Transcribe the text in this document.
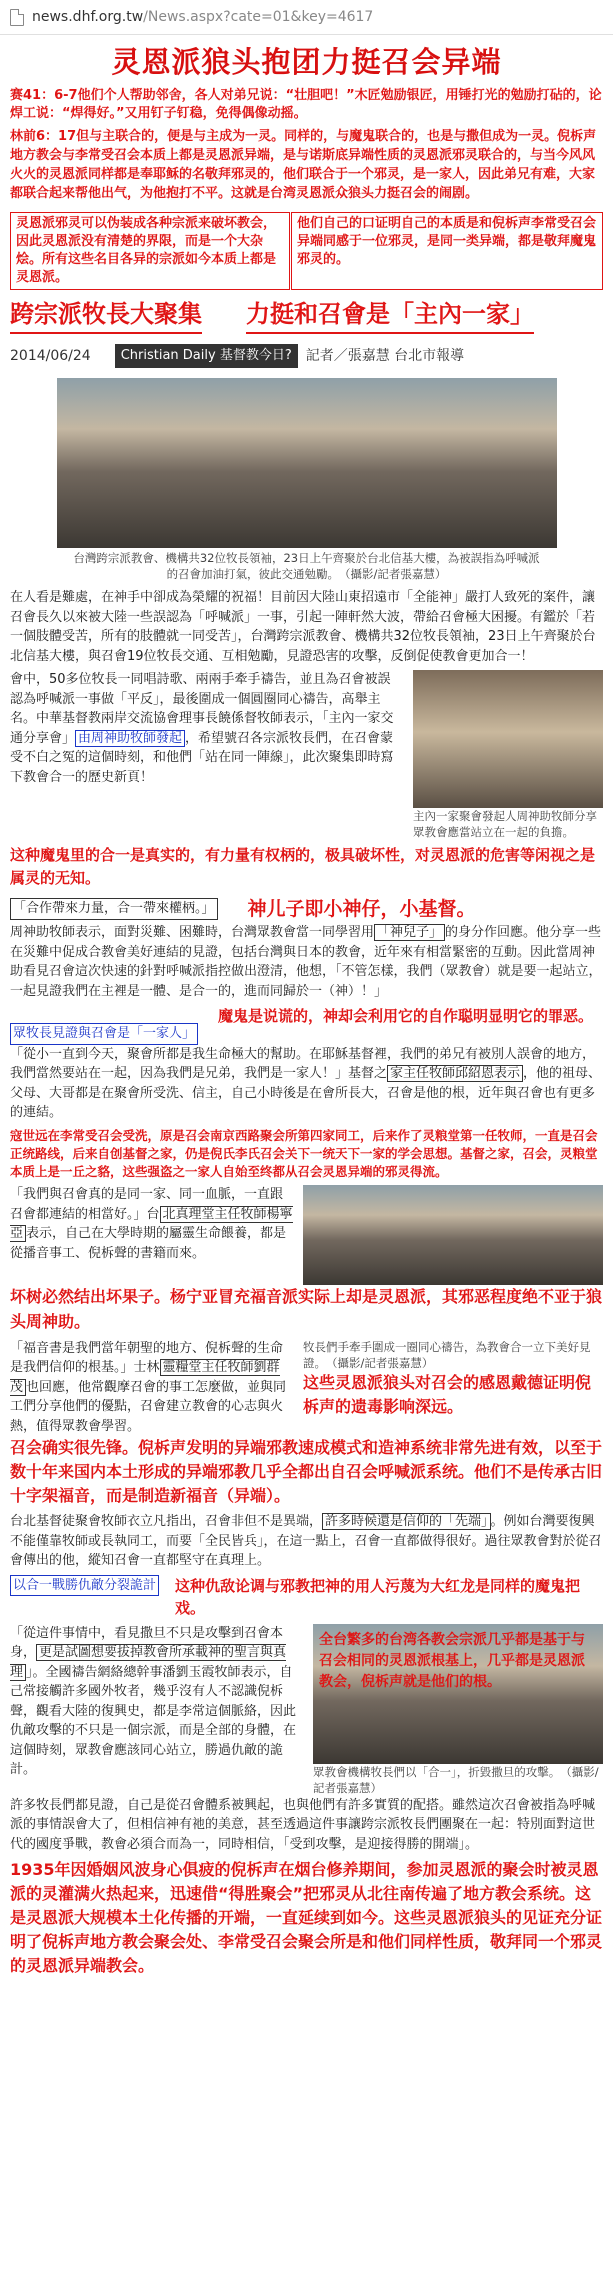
news.dhf.org.tw /News.aspx?cate=01&key=4617
灵恩派狼头抱团力挺召会异端
赛41：6-7他们个人帮助邻舍，各人对弟兄说：“壮胆吧！”木匠勉励银匠，用锤打光的勉励打砧的，论焊工说：“焊得好。”又用钉子钉稳，免得偶像动摇。
林前6：17但与主联合的，便是与主成为一灵。同样的，与魔鬼联合的，也是与撒但成为一灵。倪柝声地方教会与李常受召会本质上都是灵恩派异端，是与诺斯底异端性质的灵恩派邪灵联合的，与当今风风火火的灵恩派同样都是奉耶稣的名敬拜邪灵的，他们联合于一个邪灵，是一家人，因此弟兄有难，大家都联合起来帮他出气，为他抱打不平。这就是台湾灵恩派众狼头力挺召会的闹剧。
灵恩派邪灵可以伪装成各种宗派来破坏教会，因此灵恩派没有清楚的界限，而是一个大杂烩。所有这些名目各异的宗派如今本质上都是灵恩派。
他们自己的口证明自己的本质是和倪柝声李常受召会异端同感于一位邪灵，是同一类异端，都是敬拜魔鬼邪灵的。
跨宗派牧長大聚集 力挺和召會是「主內一家」
2014/06/24	Christian Daily 基督教今日?	記者／張嘉慧 台北市報導
台灣跨宗派教會、機構共32位牧長領袖，23日上午齊聚於台北信基大樓，為被誤指為呼喊派的召會加油打氣，彼此交通勉勵。　（攝影/記者張嘉慧）
在人看是難處，在神手中卻成為榮耀的祝福！目前因大陸山東招遠市「全能神」嚴打人致死的案件，讓召會長久以來被大陸一些誤認為「呼喊派」一事，引起一陣軒然大波，帶給召會極大困擾。有鑑於「若一個肢體受苦，所有的肢體就一同受苦」，台灣跨宗派教會、機構共32位牧長領袖，23日上午齊聚於台北信基大樓，與召會19位牧長交通、互相勉勵，見證恐害的攻擊，反倒促使教會更加合一！
會中，50多位牧長一同唱詩歌、兩兩手牽手禱告，並且為召會被誤認為呼喊派一事做「平反」，最後圍成一個圓圈同心禱告，高舉主名。中華基督教兩岸交流協會理事長饒係督牧師表示，「主內一家交通分享會」 由周神助牧師發起 ，希望號召各宗派牧長們，在召會蒙受不白之冤的這個時刻，和他們「站在同一陣線」，此次聚集即時寫下教會合一的歷史新頁！
主內一家聚會發起人周神助牧師分享眾教會應當站立在一起的負擔。
这种魔鬼里的合一是真实的，有力量有权柄的，极具破坏性，对灵恩派的危害等闲视之是属灵的无知。
「合作帶來力量，合一帶來權柄。」 神儿子即小神仔，小基督。
周神助牧師表示，面對災難、困難時，台灣眾教會當一同學習用 「神兒子」 的身分作回應。他分享一些在災難中促成合教會美好連結的見證，包括台灣與日本的教會，近年來有相當緊密的互動。因此當周神助看見召會這次快速的針對呼喊派指控做出澄清，他想，「不管怎樣，我們（眾教會）就是要一起站立，一起見證我們在主裡是一體、是合一的，進而同歸於一（神）！」
眾牧長見證與召會是「一家人」
魔鬼是说谎的，神却会利用它的自作聪明显明它的罪恶。
「從小一直到今天，聚會所都是我生命極大的幫助。在耶穌基督裡，我們的弟兄有被別人誤會的地方，我們當然要站在一起，因為我們是兄弟，我們是一家人！」基督之 家主任牧師邱紹恩表示 ，他的祖母、父母、大哥都是在聚會所受洗、信主，自己小時後是在會所長大，召會是他的根，近年與召會也有更多的連結。
寇世远在李常受召会受洗，原是召会南京西路聚会所第四家同工，后来作了灵粮堂第一任牧师，一直是召会正统路线，后来自创基督之家，仍是倪氏李氏召会关下一统天下一家的学会思想。基督之家，召会，灵粮堂本质上是一丘之貉，这些强盗之一家人自始至终都从召会灵恩异端的邪灵得流。
「我們與召會真的是同一家、同一血脈，一直跟召會都連結的相當好。」台 北真理堂主任牧師楊寧亞 表示，自己在大學時期的屬靈生命餵養，都是從播音事工、倪柝聲的書籍而來。
坏树必然结出坏果子。杨宁亚冒充福音派实际上却是灵恩派，其邪恶程度绝不亚于狼头周神助。
「福音書是我們當年朝聖的地方、倪柝聲的生命是我們信仰的根基。」士林 靈糧堂主任牧師劉群茂 也回應，他常觀摩召會的事工怎麼做，並與同工們分享他們的優點，召會建立教會的心志與火熱，值得眾教會學習。
牧長們手牽手圍成一圈同心禱告，為教會合一立下美好見證。　（攝影/記者張嘉慧）
这些灵恩派狼头对召会的感恩戴德证明倪柝声的遗毒影响深远。
召会确实很先锋。倪柝声发明的异端邪教速成模式和造神系统非常先进有效，以至于数十年来国内本土形成的异端邪教几乎全都出自召会呼喊派系统。他们不是传承古旧十字架福音，而是制造新福音（异端）。
台北基督徒聚會牧師衣立凡指出，召會非但不是異端， 許多時候還是信仰的「先端」 。例如台灣要復興不能僅靠牧師或長執同工，而要「全民皆兵」，在這一點上，召會一直都做得很好。過往眾教會對於從召會傳出的他，縱知召會一直都堅守在真理上。
以合一戰勝仇敵分裂詭計 这种仇敌论调与邪教把神的用人污蔑为大红龙是同样的魔鬼把戏。
「從這件事情中，看見撒旦不只是攻擊到召會本身， 更是試圖想要拔掉教會所承載神的聖言與真理 」。全國禱告網絡總幹事潘劉玉霞牧師表示，自己常接觸許多國外牧者，幾乎沒有人不認識倪柝聲，觀看大陸的復興史，都是李常這個脈絡，因此仇敵攻擊的不只是一個宗派，而是全部的身體，在這個時刻，眾教會應該同心站立，勝過仇敵的詭計。
全台繁多的台湾各教会宗派几乎都是基于与召会相同的灵恩派根基上，几乎都是灵恩派教会，倪柝声就是他们的根。
眾教會機構牧長們以「合一」，折毀撒旦的攻擊。　（攝影/記者張嘉慧）
許多牧長們都見證，自己是從召會體系被興起，也與他們有許多實質的配搭。雖然這次召會被指為呼喊派的事情誤會大了，但相信神有祂的美意，甚至透過這件事讓跨宗派牧長們團聚在一起：特別面對這世代的國度爭戰，教會必須合而為一，同時相信，「受到攻擊，是迎接得勝的開端」。
1935年因婚姻风波身心俱疲的倪柝声在烟台修养期间，参加灵恩派的聚会时被灵恩派的灵灌满火热起来，迅速借“得胜聚会”把邪灵从北往南传遍了地方教会系统。这是灵恩派大规模本土化传播的开端，一直延续到如今。这些灵恩派狼头的见证充分证明了倪柝声地方教会聚会处、李常受召会聚会所是和他们同样性质，敬拜同一个邪灵的灵恩派异端教会。
